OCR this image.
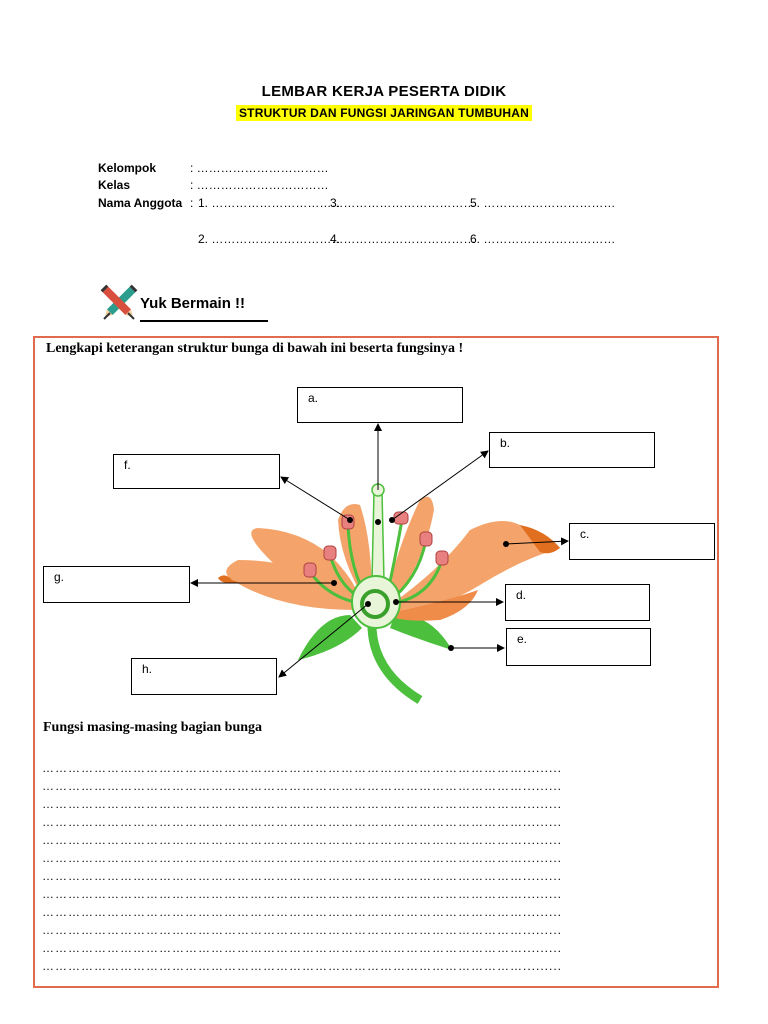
LEMBAR KERJA PESERTA DIDIK
STRUKTUR DAN FUNGSI JARINGAN TUMBUHAN
Kelompok	: ……………………………
Kelas	: ……………………………
Nama Anggota : 1. ……………………………
3. ……………………………
5. ……………………………
2. ……………………………
4. ……………………………
6. ……………………………
Yuk Bermain !!
Lengkapi keterangan struktur bunga di bawah ini beserta fungsinya !
a.
b.
c.
d.
e.
f.
g.
h.
Fungsi masing-masing bagian bunga
………………………………………………………………………………………………….........
………………………………………………………………………………………………….........
………………………………………………………………………………………………….........
………………………………………………………………………………………………….........
………………………………………………………………………………………………….........
………………………………………………………………………………………………….........
………………………………………………………………………………………………….........
………………………………………………………………………………………………….........
………………………………………………………………………………………………….........
………………………………………………………………………………………………….........
………………………………………………………………………………………………….........
………………………………………………………………………………………………….........
